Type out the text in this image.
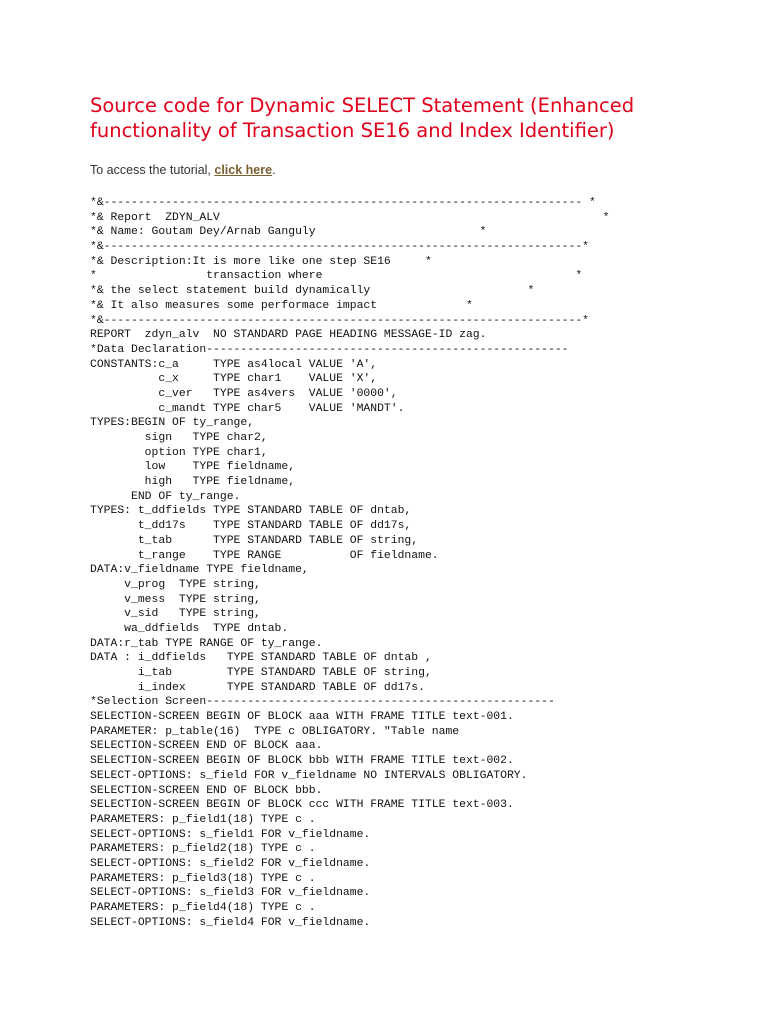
Source code for Dynamic SELECT Statement (Enhanced
functionality of Transaction SE16 and Index Identifier)
To access the tutorial, click here.
*&---------------------------------------------------------------------- *
*& Report  ZDYN_ALV                                                        *
*& Name: Goutam Dey/Arnab Ganguly                        *
*&----------------------------------------------------------------------*
*& Description:It is more like one step SE16     *
*                transaction where                                     *
*& the select statement build dynamically                       *
*& It also measures some performace impact             *
*&----------------------------------------------------------------------*
REPORT  zdyn_alv  NO STANDARD PAGE HEADING MESSAGE-ID zag.
*Data Declaration-----------------------------------------------------
CONSTANTS:c_a     TYPE as4local VALUE 'A',
c_x     TYPE char1    VALUE 'X',
c_ver   TYPE as4vers  VALUE '0000',
c_mandt TYPE char5    VALUE 'MANDT'.
TYPES:BEGIN OF ty_range,
sign   TYPE char2,
option TYPE char1,
low    TYPE fieldname,
high   TYPE fieldname,
END OF ty_range.
TYPES: t_ddfields TYPE STANDARD TABLE OF dntab,
t_dd17s    TYPE STANDARD TABLE OF dd17s,
t_tab      TYPE STANDARD TABLE OF string,
t_range    TYPE RANGE          OF fieldname.
DATA:v_fieldname TYPE fieldname,
v_prog  TYPE string,
v_mess  TYPE string,
v_sid   TYPE string,
wa_ddfields  TYPE dntab.
DATA:r_tab TYPE RANGE OF ty_range.
DATA : i_ddfields   TYPE STANDARD TABLE OF dntab ,
i_tab        TYPE STANDARD TABLE OF string,
i_index      TYPE STANDARD TABLE OF dd17s.
*Selection Screen---------------------------------------------------
SELECTION-SCREEN BEGIN OF BLOCK aaa WITH FRAME TITLE text-001.
PARAMETER: p_table(16)  TYPE c OBLIGATORY. "Table name
SELECTION-SCREEN END OF BLOCK aaa.
SELECTION-SCREEN BEGIN OF BLOCK bbb WITH FRAME TITLE text-002.
SELECT-OPTIONS: s_field FOR v_fieldname NO INTERVALS OBLIGATORY.
SELECTION-SCREEN END OF BLOCK bbb.
SELECTION-SCREEN BEGIN OF BLOCK ccc WITH FRAME TITLE text-003.
PARAMETERS: p_field1(18) TYPE c .
SELECT-OPTIONS: s_field1 FOR v_fieldname.
PARAMETERS: p_field2(18) TYPE c .
SELECT-OPTIONS: s_field2 FOR v_fieldname.
PARAMETERS: p_field3(18) TYPE c .
SELECT-OPTIONS: s_field3 FOR v_fieldname.
PARAMETERS: p_field4(18) TYPE c .
SELECT-OPTIONS: s_field4 FOR v_fieldname.
